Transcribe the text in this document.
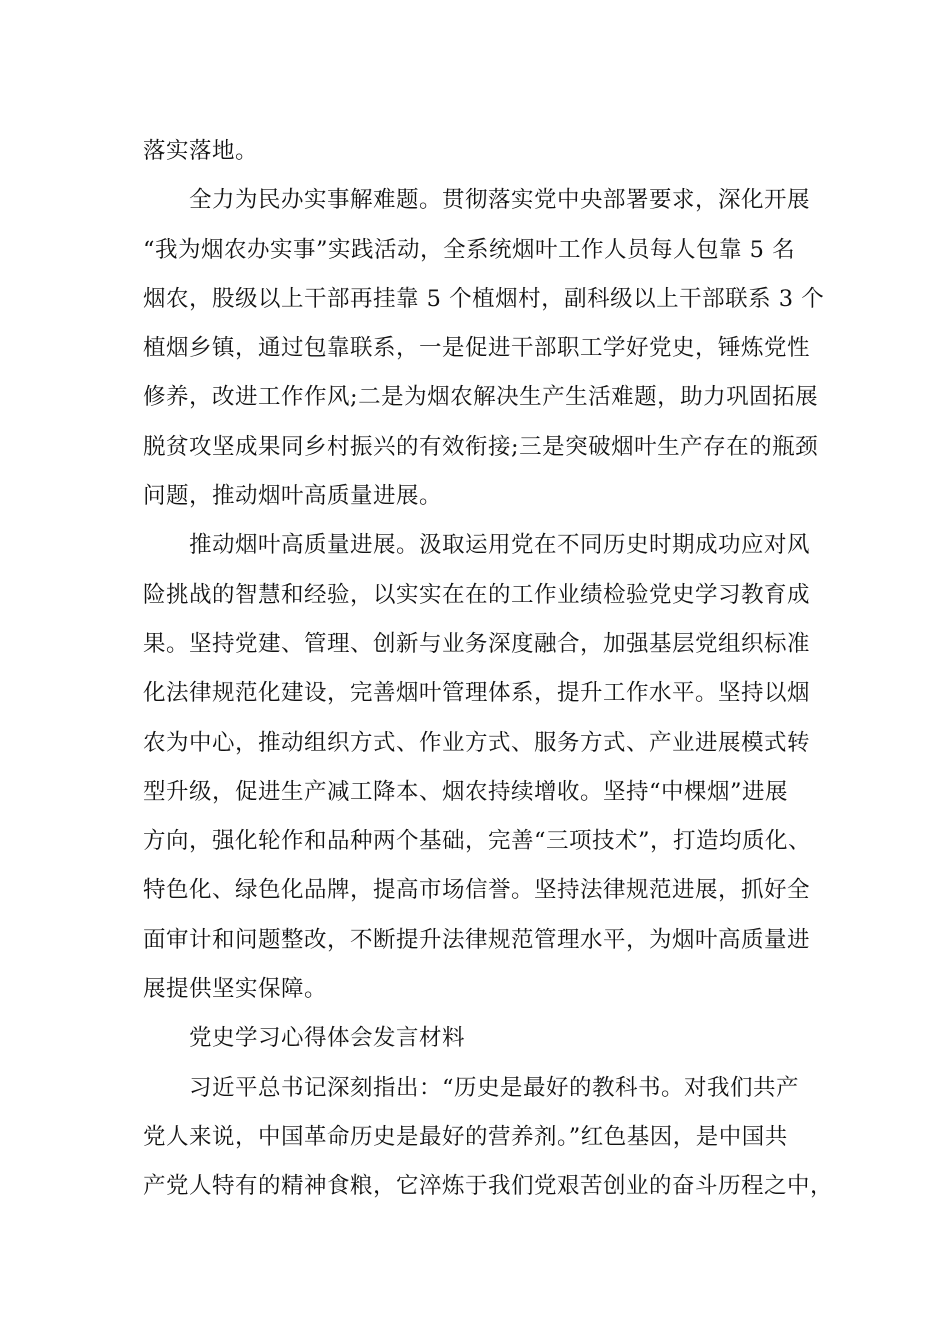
落实落地。
全力为民办实事解难题。贯彻落实党中央部署要求，深化开展
“我为烟农办实事”实践活动，全系统烟叶工作人员每人包靠 5 名
烟农，股级以上干部再挂靠 5 个植烟村，副科级以上干部联系 3 个
植烟乡镇，通过包靠联系，一是促进干部职工学好党史，锤炼党性
修养，改进工作作风;二是为烟农解决生产生活难题，助力巩固拓展
脱贫攻坚成果同乡村振兴的有效衔接;三是突破烟叶生产存在的瓶颈
问题，推动烟叶高质量进展。
推动烟叶高质量进展。汲取运用党在不同历史时期成功应对风
险挑战的智慧和经验，以实实在在的工作业绩检验党史学习教育成
果。坚持党建、管理、创新与业务深度融合，加强基层党组织标准
化法律规范化建设，完善烟叶管理体系，提升工作水平。坚持以烟
农为中心，推动组织方式、作业方式、服务方式、产业进展模式转
型升级，促进生产减工降本、烟农持续增收。坚持“中棵烟”进展
方向，强化轮作和品种两个基础，完善“三项技术”，打造均质化、
特色化、绿色化品牌，提高市场信誉。坚持法律规范进展，抓好全
面审计和问题整改，不断提升法律规范管理水平，为烟叶高质量进
展提供坚实保障。
党史学习心得体会发言材料
习近平总书记深刻指出：“历史是最好的教科书。对我们共产
党人来说，中国革命历史是最好的营养剂。”红色基因，是中国共
产党人特有的精神食粮，它淬炼于我们党艰苦创业的奋斗历程之中，
